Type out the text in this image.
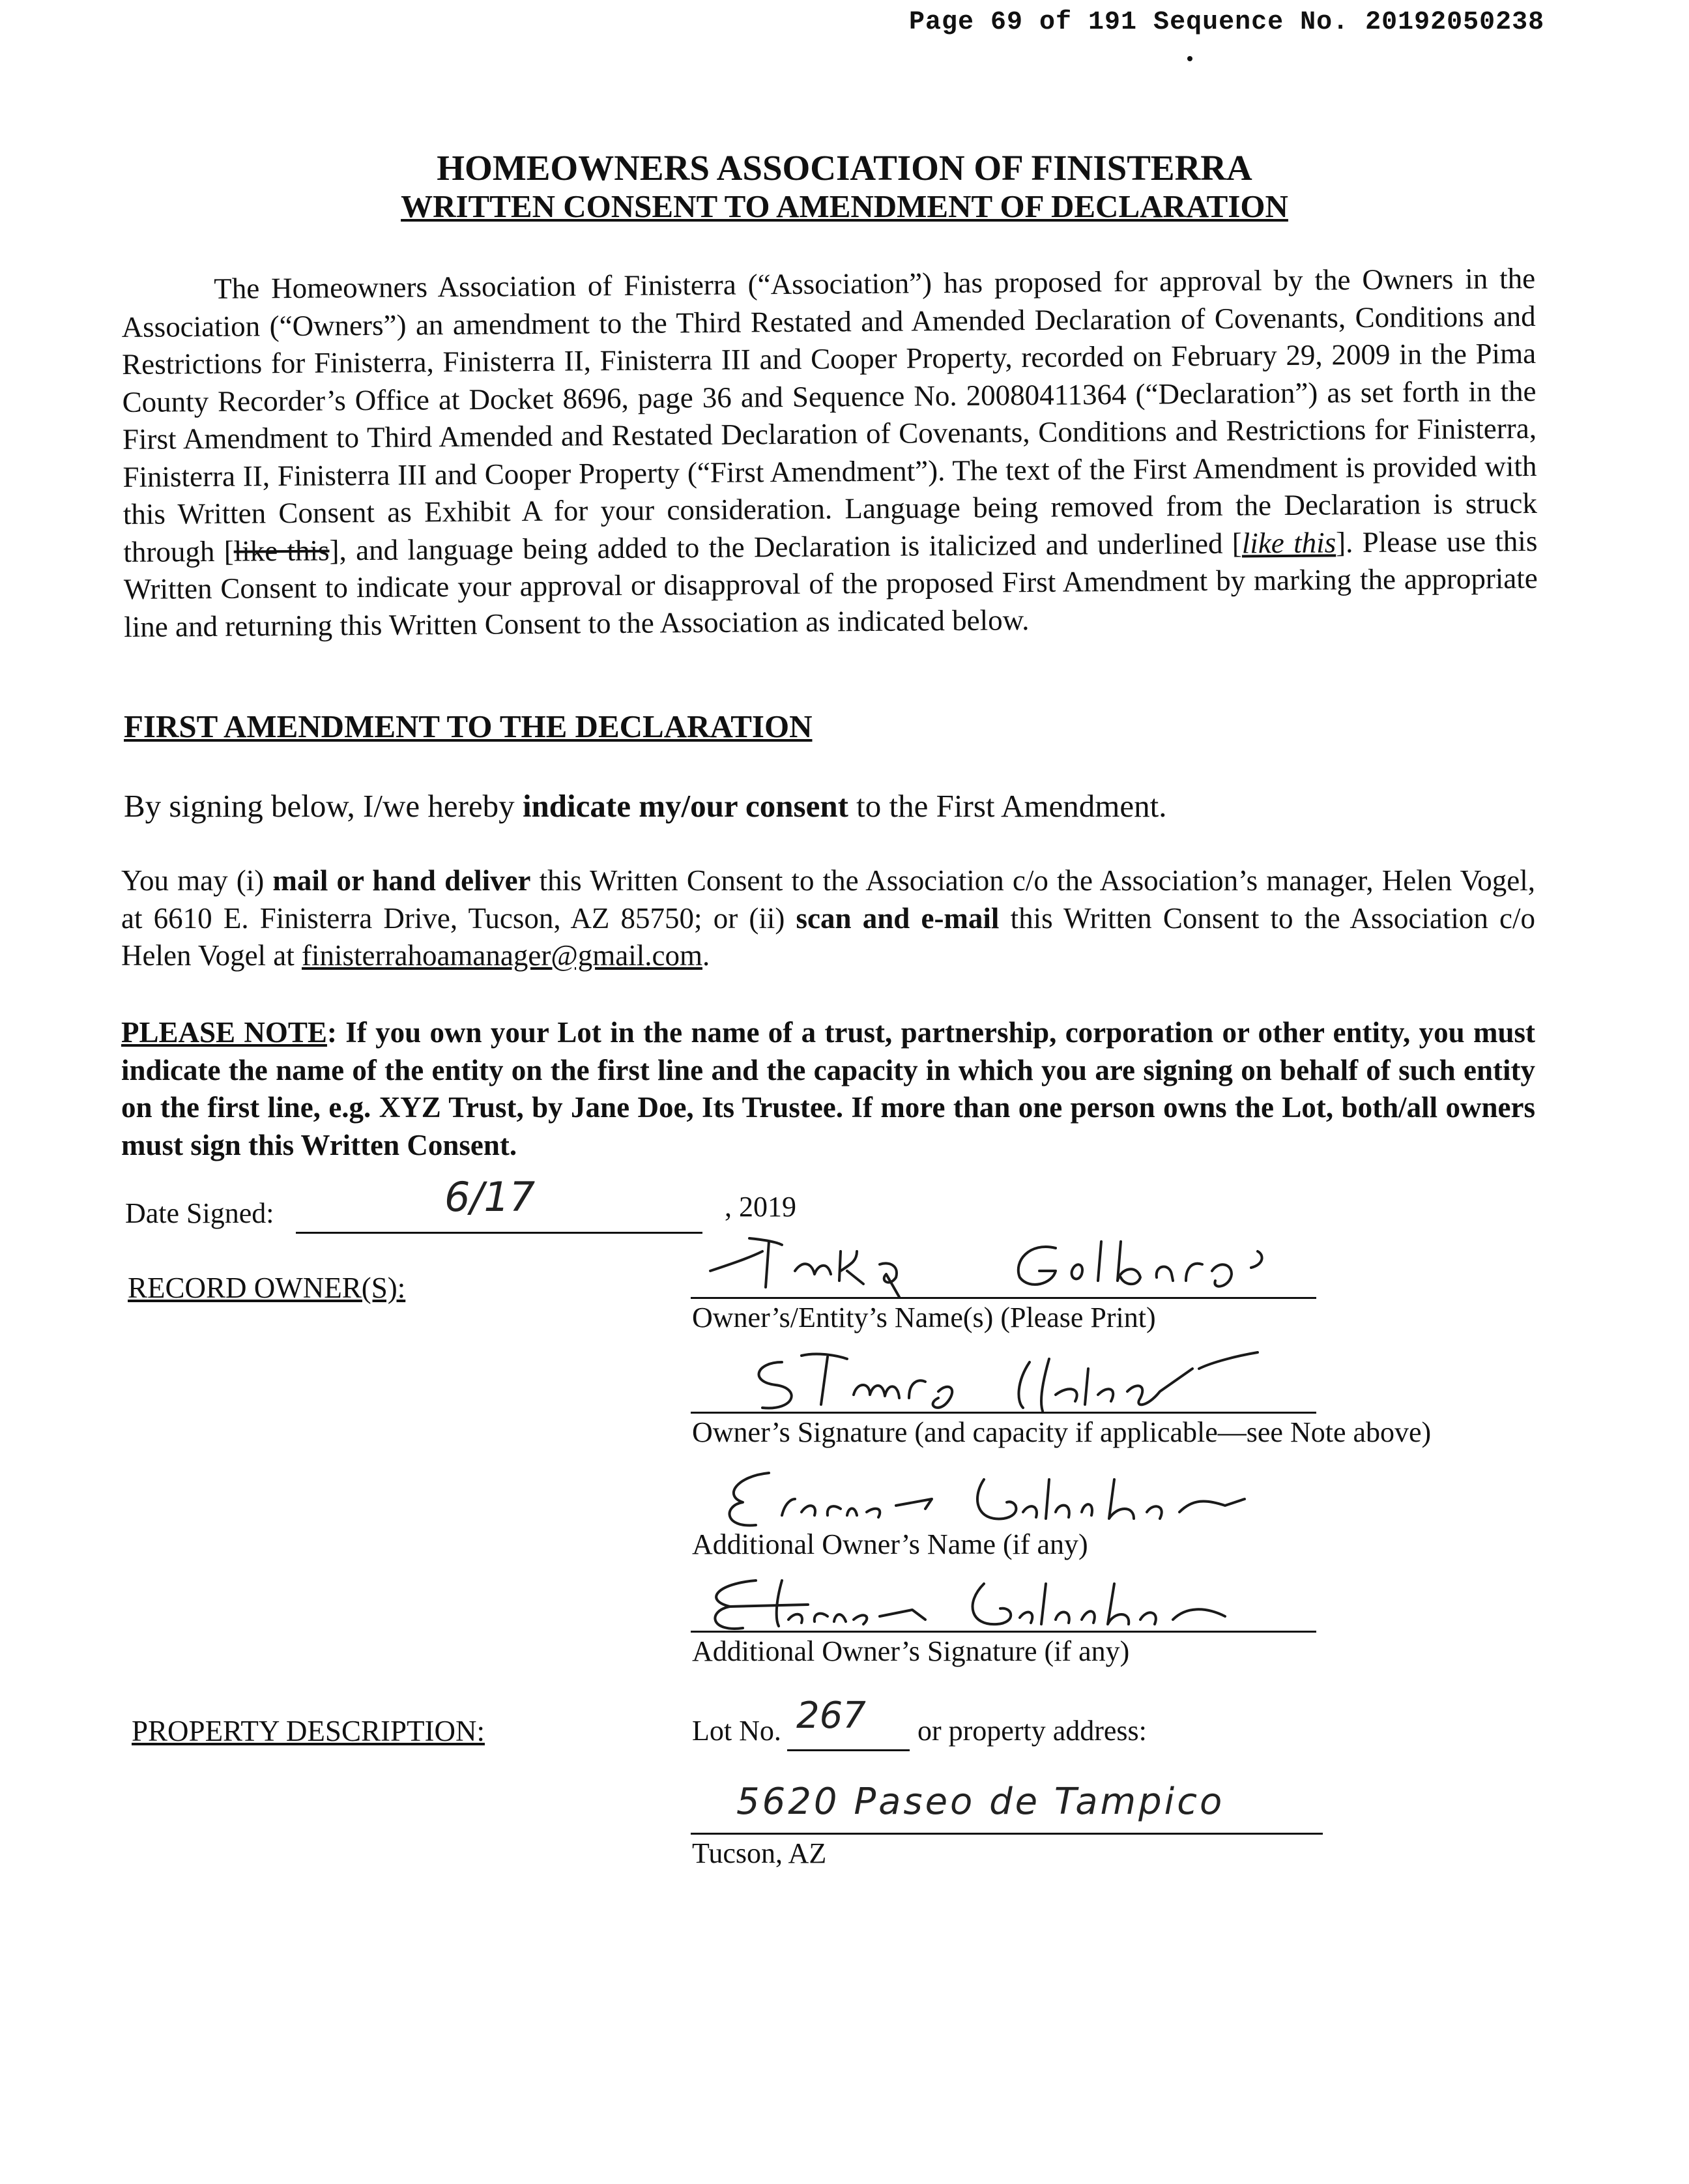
Page 69 of 191 Sequence No. 20192050238
HOMEOWNERS ASSOCIATION OF FINISTERRA
WRITTEN CONSENT TO AMENDMENT OF DECLARATION

The Homeowners Association of Finisterra (“Association”) has proposed for approval by the Owners in the Association (“Owners”) an amendment to the Third Restated and Amended Declaration of Covenants, Conditions and Restrictions for Finisterra, Finisterra II, Finisterra III and Cooper Property, recorded on February 29, 2009 in the Pima County Recorder’s Office at Docket 8696, page 36 and Sequence No. 20080411364 (“Declaration”) as set forth in the First Amendment to Third Amended and Restated Declaration of Covenants, Conditions and Restrictions for Finisterra, Finisterra II, Finisterra III and Cooper Property (“First Amendment”). The text of the First Amendment is provided with this Written Consent as Exhibit A for your consideration. Language being removed from the Declaration is struck through [like this], and language being added to the Declaration is italicized and underlined [like this]. Please use this Written Consent to indicate your approval or disapproval of the proposed First Amendment by marking the appropriate line and returning this Written Consent to the Association as indicated below.

FIRST AMENDMENT TO THE DECLARATION
By signing below, I/we hereby indicate my/our consent to the First Amendment.
You may (i) mail or hand deliver this Written Consent to the Association c/o the Association’s manager, Helen Vogel, at 6610 E. Finisterra Drive, Tucson, AZ 85750; or (ii) scan and e-mail this Written Consent to the Association c/o Helen Vogel at finisterrahoamanager@gmail.com.
PLEASE NOTE: If you own your Lot in the name of a trust, partnership, corporation or other entity, you must indicate the name of the entity on the first line and the capacity in which you are signing on behalf of such entity on the first line, e.g. XYZ Trust, by Jane Doe, Its Trustee. If more than one person owns the Lot, both/all owners must sign this Written Consent.
Date Signed:	6/17	, 2019
RECORD OWNER(S):
Owner’s/Entity’s Name(s) (Please Print)
Owner’s Signature (and capacity if applicable—see Note above)
Additional Owner’s Name (if any)
Additional Owner’s Signature (if any)
PROPERTY DESCRIPTION:	Lot No. 267 or property address:
5620 Paseo de Tampico
Tucson, AZ
